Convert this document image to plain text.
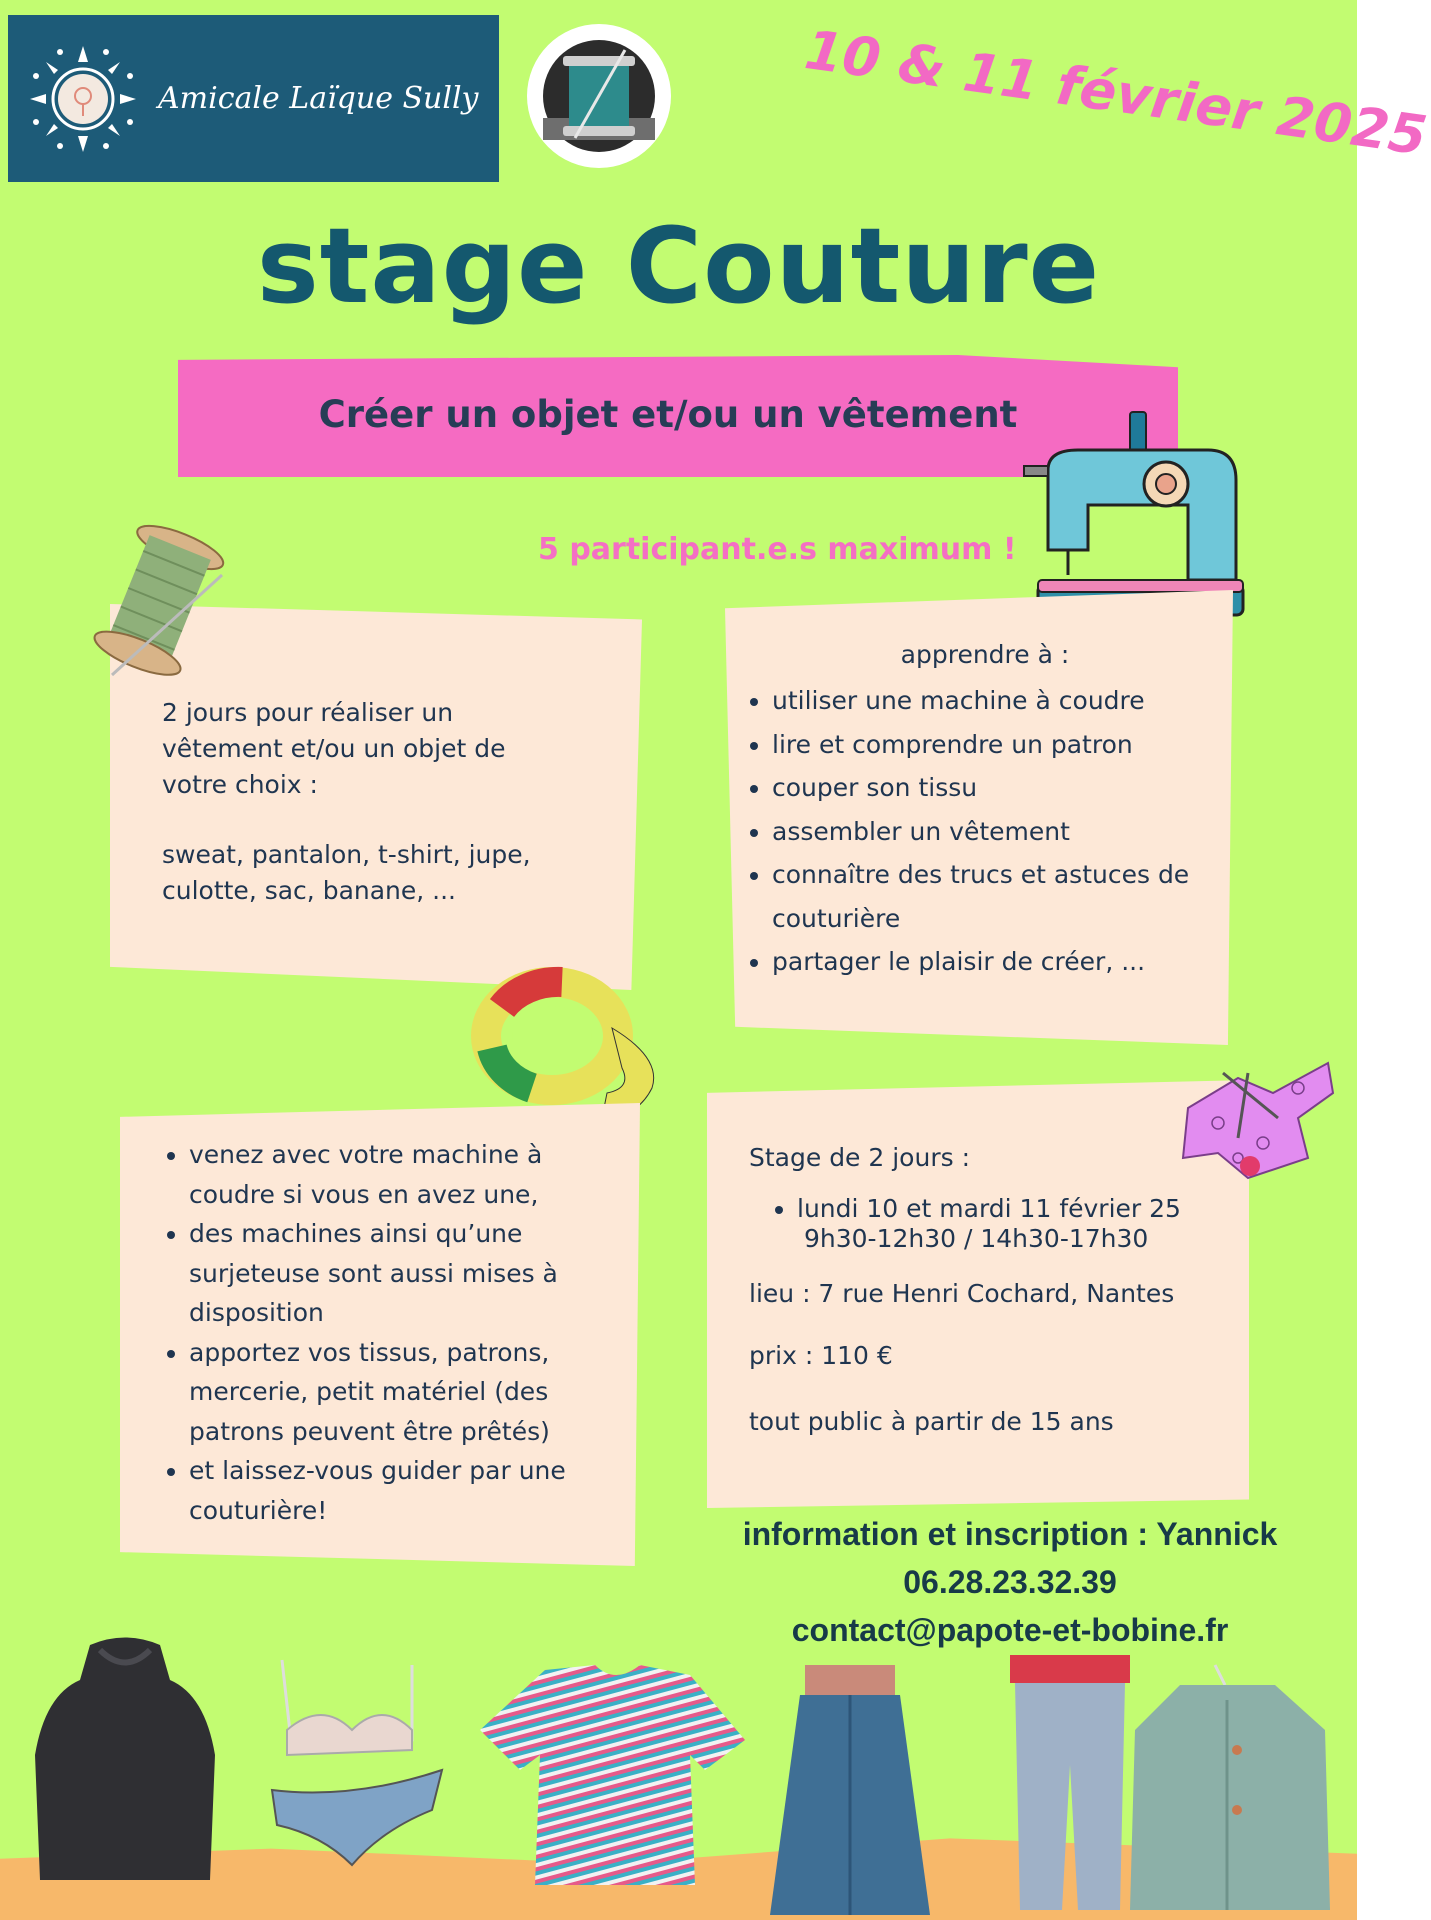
Amicale Laïque Sully	10 & 11 février 2025
stage Couture
Créer un objet et/ou un vêtement
5 participant.e.s maximum !
2 jours pour réaliser un
vêtement et/ou un objet de
votre choix :
sweat, pantalon, t-shirt, jupe,
culotte, sac, banane, ...
apprendre à :
• utiliser une machine à coudre
• lire et comprendre un patron
• couper son tissu
• assembler un vêtement
• connaître des trucs et astuces de couturière
• partager le plaisir de créer, ...
• venez avec votre machine à coudre si vous en avez une,
• des machines ainsi qu’une surjeteuse sont aussi mises à disposition
• apportez vos tissus, patrons, mercerie, petit matériel (des patrons peuvent être prêtés)
• et laissez-vous guider par une couturière!
Stage de 2 jours :
• lundi 10 et mardi 11 février 25
9h30-12h30 / 14h30-17h30
lieu : 7 rue Henri Cochard, Nantes
prix : 110 €
tout public à partir de 15 ans
information et inscription : Yannick
06.28.23.32.39
contact@papote-et-bobine.fr
